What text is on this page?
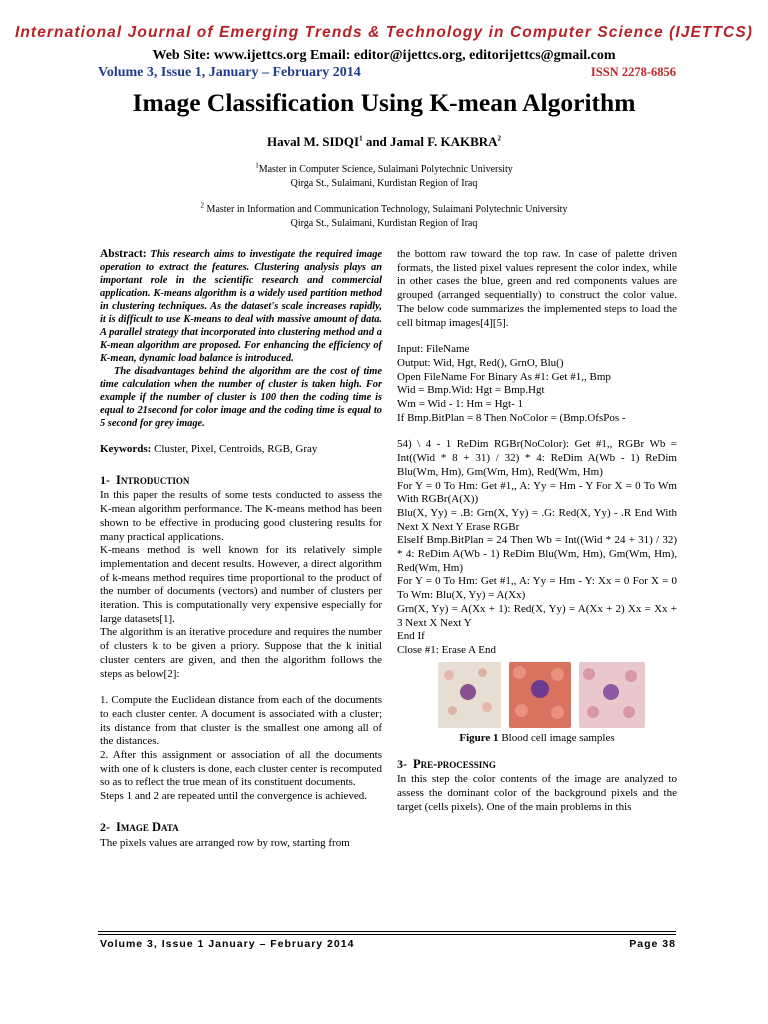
International Journal of Emerging Trends & Technology in Computer Science (IJETTCS)
Web Site: www.ijettcs.org Email: editor@ijettcs.org, editorijettcs@gmail.com
Volume 3, Issue 1, January – February 2014	ISSN 2278-6856
Image Classification Using K-mean Algorithm
Haval M. SIDQI$^1$ and Jamal F. KAKBRA$^2$
$^1$Master in Computer Science, Sulaimani Polytechnic University
Qirga St., Sulaimani, Kurdistan Region of Iraq
$^2$ Master in Information and Communication Technology, Sulaimani Polytechnic University
Qirga St., Sulaimani, Kurdistan Region of Iraq

Abstract: This research aims to investigate the required image operation to extract the features. Clustering analysis plays an important role in the scientific research and commercial application. K-means algorithm is a widely used partition method in clustering techniques. As the dataset's scale increases rapidly, it is difficult to use K-means to deal with massive amount of data. A parallel strategy that incorporated into clustering method and a K-mean algorithm are proposed. For enhancing the efficiency of K-mean, dynamic load balance is introduced.

The disadvantages behind the algorithm are the cost of time time calculation when the number of cluster is taken high. For example if the number of cluster is 100 then the coding time is equal to 21second for color image and the coding time is equal to 5 second for grey image.

Keywords: Cluster, Pixel, Centroids, RGB, Gray

1- Introduction

In this paper the results of some tests conducted to assess the K-mean algorithm performance. The K-means method has been shown to be effective in producing good clustering results for many practical applications.

K-means method is well known for its relatively simple implementation and decent results. However, a direct algorithm of k-means method requires time proportional to the product of the number of documents (vectors) and number of clusters per iteration. This is computationally very expensive especially for large datasets[1].

The algorithm is an iterative procedure and requires the number of clusters k to be given a priory. Suppose that the k initial cluster centers are given, and then the algorithm follows the steps as below[2]:

1. Compute the Euclidean distance from each of the documents to each cluster center. A document is associated with a cluster; its distance from that cluster is the smallest one among all of the distances.

2. After this assignment or association of all the documents with one of k clusters is done, each cluster center is recomputed so as to reflect the true mean of its constituent documents.

Steps 1 and 2 are repeated until the convergence is achieved.

2- Image Data

The pixels values are arranged row by row, starting from

the bottom raw toward the top raw. In case of palette driven formats, the listed pixel values represent the color index, while in other cases the blue, green and red components values are grouped (arranged sequentially) to construct the color value. The below code summarizes the implemented steps to load the cell bitmap images[4][5].

Input: FileName

Output: Wid, Hgt, Red(), GrnO, Blu()

Open FileName For Binary As #1: Get #1,, Bmp

Wid = Bmp.Wid: Hgt = Bmp.Hgt

Wm = Wid - 1: Hm = Hgt- 1

If Bmp.BitPlan = 8 Then NoColor = (Bmp.OfsPos -

54) \ 4 - 1 ReDim RGBr(NoColor): Get #1,, RGBr Wb = Int((Wid * 8 + 31) / 32) * 4: ReDim A(Wb - 1) ReDim Blu(Wm, Hm), Gm(Wm, Hm), Red(Wm, Hm)

For Y = 0 To Hm: Get #1,, A: Yy = Hm - Y For X = 0 To Wm With RGBr(A(X))

Blu(X, Yy) = .B: Grn(X, Yy) = .G: Red(X, Yy) - .R End With Next X Next Y Erase RGBr

ElseIf Bmp.BitPlan = 24 Then Wb = Int((Wid * 24 + 31) / 32) * 4: ReDim A(Wb - 1) ReDim Blu(Wm, Hm), Gm(Wm, Hm), Red(Wm, Hm)

For Y = 0 To Hm: Get #1,, A: Yy = Hm - Y: Xx = 0 For X = 0 To Wm: Blu(X, Yy) = A(Xx)

Grn(X, Yy) = A(Xx + 1): Red(X, Yy) = A(Xx + 2) Xx = Xx + 3 Next X Next Y

End If

Close #1: Erase A End

Figure 1 Blood cell image samples
3- Pre-processing

In this step the color contents of the image are analyzed to assess the dominant color of the background pixels and the target (cells pixels). One of the main problems in this

Volume 3, Issue 1 January – February 2014	Page 38
